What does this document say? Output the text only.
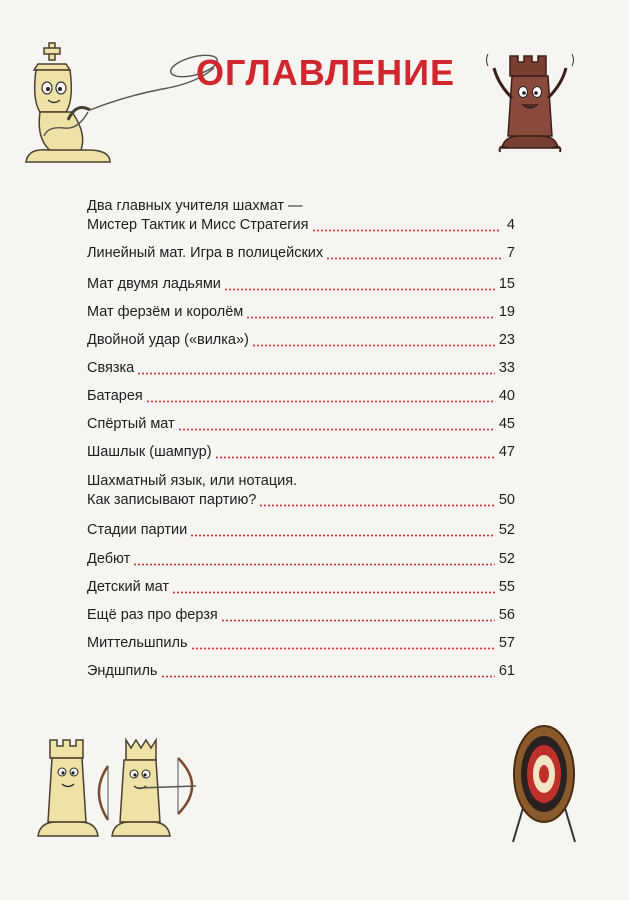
ОГЛАВЛЕНИЕ
Два главных учителя шахмат —
Мистер Тактик и Мисс Стратегия	4
Линейный мат. Игра в полицейских	7
Мат двумя ладьями	15
Мат ферзём и королём	19
Двойной удар («вилка»)	23
Связка	33
Батарея	40
Спёртый мат	45
Шашлык (шампур)	47
Шахматный язык, или нотация.
Как записывают партию?	50
Стадии партии	52
Дебют	52
Детский мат	55
Ещё раз про ферзя	56
Миттельшпиль	57
Эндшпиль	61
